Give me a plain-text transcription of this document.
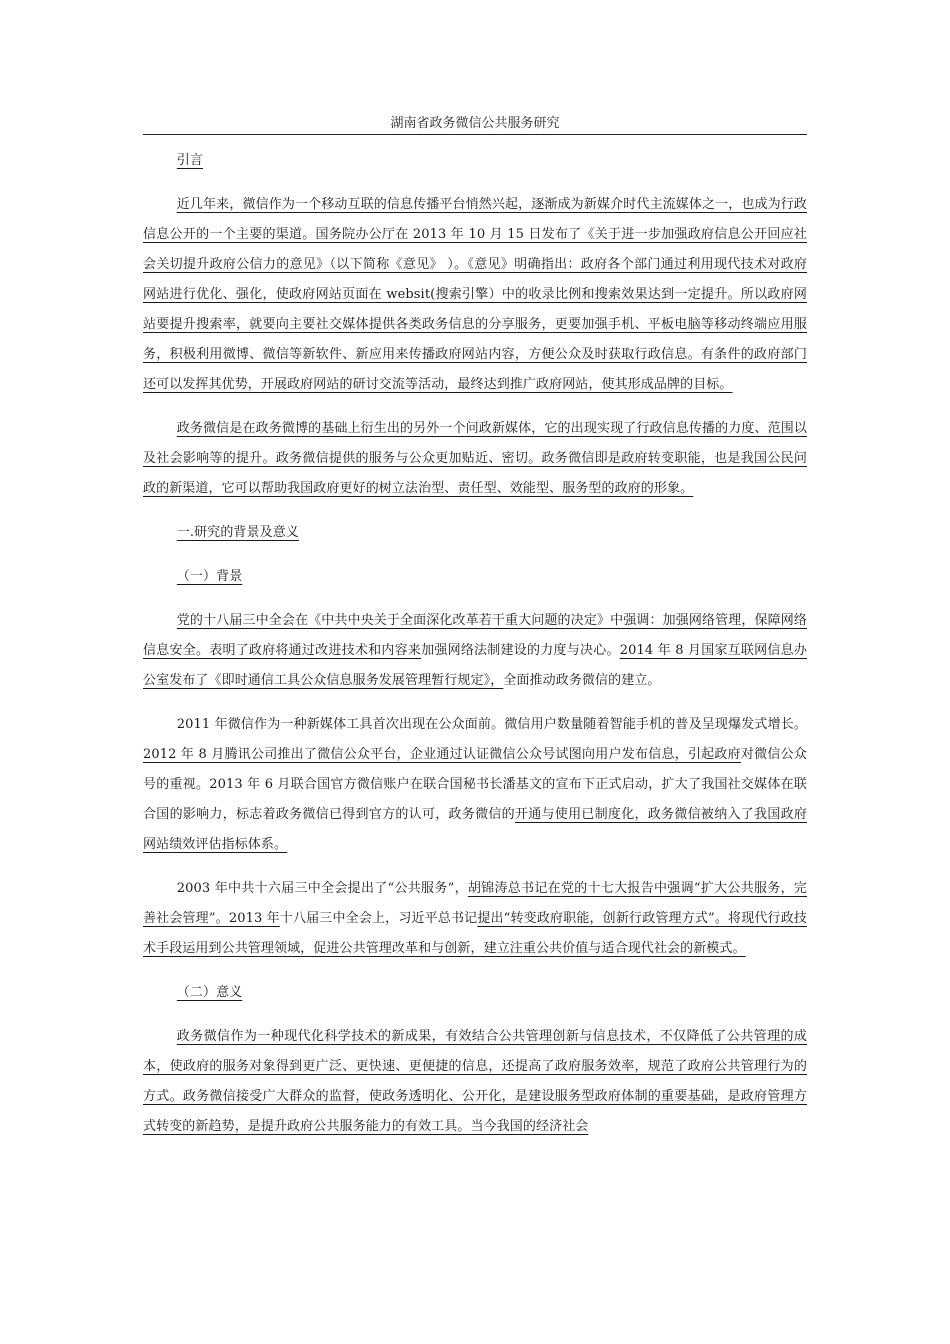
湖南省政务微信公共服务研究

引言

近几年来，微信作为一个移动互联的信息传播平台悄然兴起，逐渐成为新媒介时代主流媒体之一，也成为行政信息公开的一个主要的渠道。国务院办公厅在 2013 年 10 月 15 日发布了《关于进一步加强政府信息公开回应社会关切提升政府公信力的意见》（以下简称《意见》 ）。《意见》明确指出：政府各个部门通过利用现代技术对政府网站进行优化、强化，使政府网站页面在 websit(搜索引擎）中的收录比例和搜索效果达到一定提升。所以政府网站要提升搜索率，就要向主要社交媒体提供各类政务信息的分享服务，更要加强手机、平板电脑等移动终端应用服务，积极利用微博、微信等新软件、新应用来传播政府网站内容，方便公众及时获取行政信息。有条件的政府部门还可以发挥其优势，开展政府网站的研讨交流等活动，最终达到推广政府网站，使其形成品牌的目标。

政务微信是在政务微博的基础上衍生出的另外一个问政新媒体，它的出现实现了行政信息传播的力度、范围以及社会影响等的提升。政务微信提供的服务与公众更加贴近、密切。政务微信即是政府转变职能，也是我国公民问政的新渠道，它可以帮助我国政府更好的树立法治型、责任型、效能型、服务型的政府的形象。

一.研究的背景及意义

（一）背景

党的十八届三中全会在《中共中央关于全面深化改革若干重大问题的决定》中强调：加强网络管理，保障网络信息安全。表明了政府将通过改进技术和内容来加强网络法制建设的力度与决心。2014 年 8 月国家互联网信息办公室发布了《即时通信工具公众信息服务发展管理暂行规定》，全面推动政务微信的建立。

2011 年微信作为一种新媒体工具首次出现在公众面前。微信用户数量随着智能手机的普及呈现爆发式增长。2012 年 8 月腾讯公司推出了微信公众平台，企业通过认证微信公众号试图向用户发布信息，引起政府对微信公众号的重视。2013 年 6 月联合国官方微信账户在联合国秘书长潘基文的宣布下正式启动，扩大了我国社交媒体在联合国的影响力，标志着政务微信已得到官方的认可，政务微信的开通与使用已制度化，政务微信被纳入了我国政府网站绩效评估指标体系。

2003 年中共十六届三中全会提出了“公共服务”，胡锦涛总书记在党的十七大报告中强调“扩大公共服务，完善社会管理”。2013 年十八届三中全会上，习近平总书记提出“转变政府职能，创新行政管理方式”。将现代行政技术手段运用到公共管理领域，促进公共管理改革和与创新，建立注重公共价值与适合现代社会的新模式。

（二）意义

政务微信作为一种现代化科学技术的新成果，有效结合公共管理创新与信息技术，不仅降低了公共管理的成本，使政府的服务对象得到更广泛、更快速、更便捷的信息，还提高了政府服务效率，规范了政府公共管理行为的方式。政务微信接受广大群众的监督，使政务透明化、公开化，是建设服务型政府体制的重要基础，是政府管理方式转变的新趋势，是提升政府公共服务能力的有效工具。当今我国的经济社会
